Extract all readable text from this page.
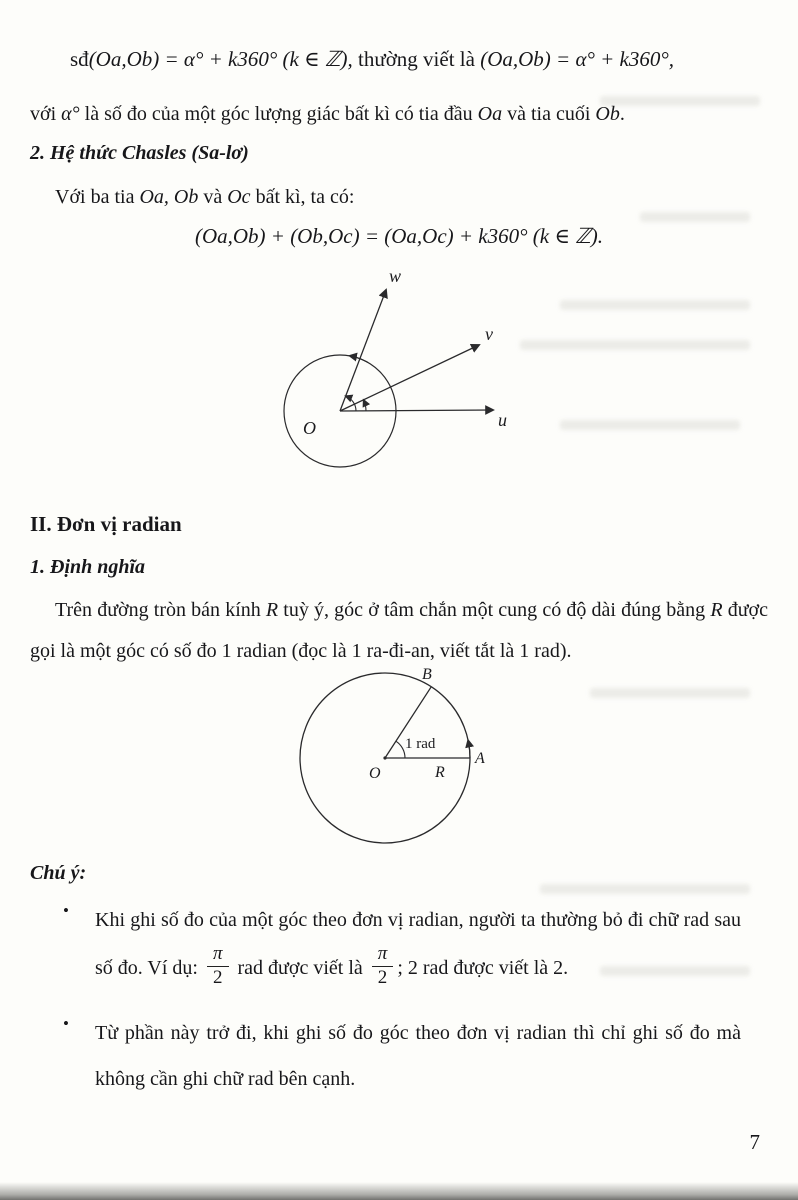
sđ(Oa,Ob) = α° + k360° (k ∈ ℤ), thường viết là (Oa,Ob) = α° + k360°,
với α° là số đo của một góc lượng giác bất kì có tia đầu Oa và tia cuối Ob.
2. Hệ thức Chasles (Sa-lơ)
Với ba tia Oa, Ob và Oc bất kì, ta có:
(Oa,Ob) + (Ob,Oc) = (Oa,Oc) + k360° (k ∈ ℤ).
w
v
u
O
II. Đơn vị radian
1. Định nghĩa
Trên đường tròn bán kính R tuỳ ý, góc ở tâm chắn một cung có độ dài đúng bằng R được gọi là một góc có số đo 1 radian (đọc là 1 ra-đi-an, viết tắt là 1 rad).
B
A
O	R
1 rad
Chú ý:
•
•
Khi ghi số đo của một góc theo đơn vị radian, người ta thường bỏ đi chữ rad sau số đo. Ví dụ: $\frac{\pi}{2}$ rad được viết là $\frac{\pi}{2}$ ; 2 rad được viết là 2.
Từ phần này trở đi, khi ghi số đo góc theo đơn vị radian thì chỉ ghi số đo mà không cần ghi chữ rad bên cạnh.
7
